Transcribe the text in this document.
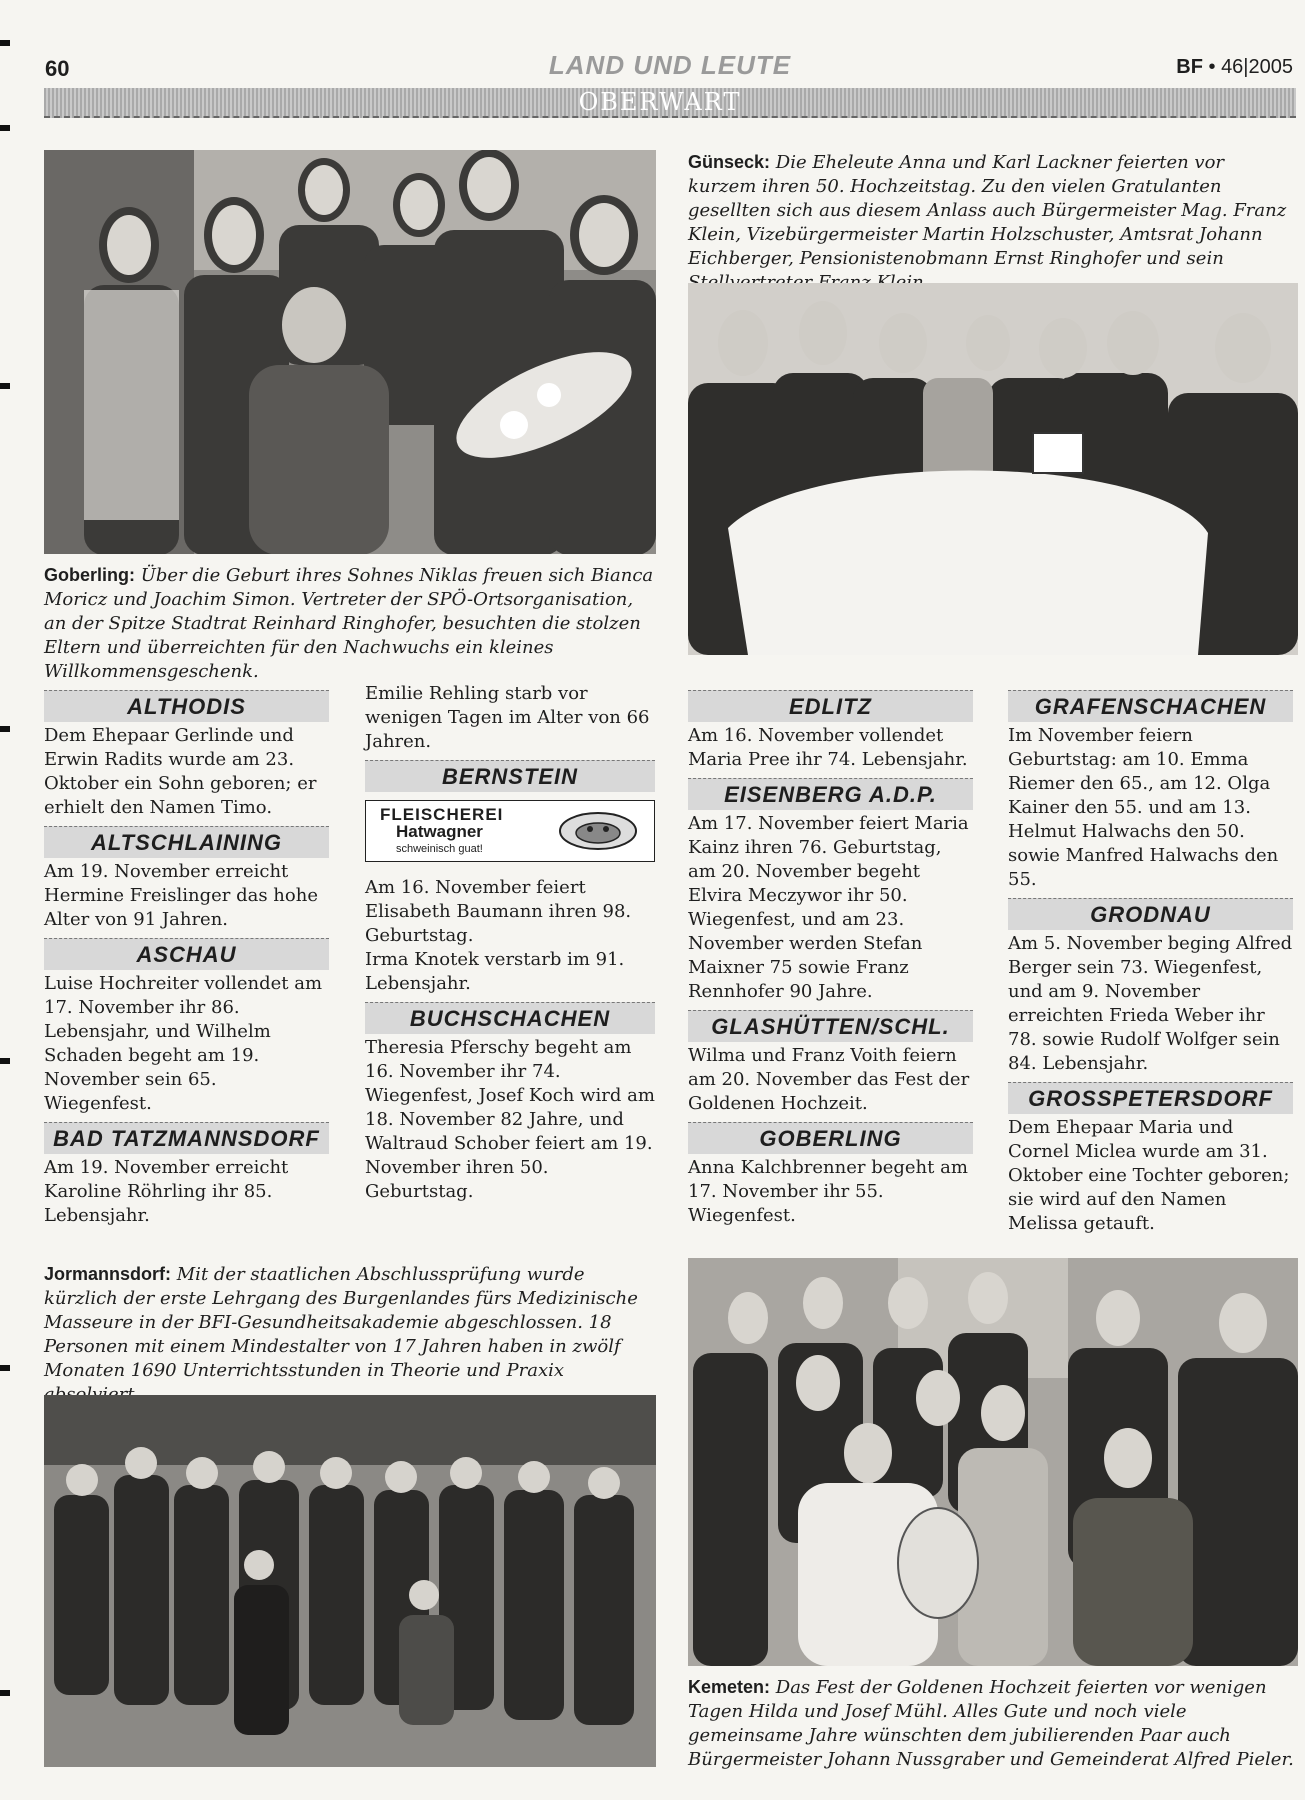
60	LAND UND LEUTE	BF • 46|2005
OBERWART

Goberling: Über die Geburt ihres Sohnes Niklas freuen sich Bianca Moricz und Joachim Simon. Vertreter der SPÖ-Ortsorganisation, an der Spitze Stadtrat Reinhard Ringhofer, besuchten die stolzen Eltern und überreichten für den Nachwuchs ein kleines Willkommensgeschenk.

Günseck: Die Eheleute Anna und Karl Lackner feierten vor kurzem ihren 50. Hochzeitstag. Zu den vielen Gratulanten gesellten sich aus diesem Anlass auch Bürgermeister Mag. Franz Klein, Vizebürgermeister Martin Holzschuster, Amtsrat Johann Eichberger, Pensionistenobmann Ernst Ringhofer und sein

ALTHODIS

Dem Ehepaar Gerlinde und Erwin Radits wurde am 23. Oktober ein Sohn geboren; er erhielt den Namen Timo.

ALTSCHLAINING

Am 19. November erreicht Hermine Freislinger das hohe Alter von 91 Jahren.

ASCHAU

Luise Hochreiter vollendet am 17. November ihr 86. Lebensjahr, und Wilhelm Schaden begeht am 19. November sein 65. Wiegenfest.

BAD TATZMANNSDORF

Am 19. November erreicht Karoline Röhrling ihr 85. Lebensjahr.

Emilie Rehling starb vor wenigen Tagen im Alter von 66 Jahren.

BERNSTEIN
FLEISCHEREI
Hatwagner
schweinisch guat!

Am 16. November feiert Elisabeth Baumann ihren 98. Geburtstag.

Irma Knotek verstarb im 91. Lebensjahr.

BUCHSCHACHEN

Theresia Pferschy begeht am 16. November ihr 74. Wiegenfest, Josef Koch wird am 18. November 82 Jahre, und Waltraud Schober feiert am 19. November ihren 50. Geburtstag.

EDLITZ

Am 16. November vollendet Maria Pree ihr 74. Lebensjahr.

EISENBERG A.D.P.

Am 17. November feiert Maria Kainz ihren 76. Geburtstag, am 20. November begeht Elvira Meczywor ihr 50. Wiegenfest, und am 23. November werden Stefan Maixner 75 sowie Franz Rennhofer 90 Jahre.

GLASHÜTTEN/SCHL.

Wilma und Franz Voith feiern am 20. November das Fest der Goldenen Hochzeit.

GOBERLING

Anna Kalchbrenner begeht am 17. November ihr 55. Wiegenfest.

GRAFENSCHACHEN

Im November feiern Geburtstag: am 10. Emma Riemer den 65., am 12. Olga Kainer den 55. und am 13. Helmut Halwachs den 50. sowie Manfred Halwachs den 55.

GRODNAU

Am 5. November beging Alfred Berger sein 73. Wiegenfest, und am 9. November erreichten Frieda Weber ihr 78. sowie Rudolf Wolfger sein 84. Lebensjahr.

GROSSPETERSDORF

Dem Ehepaar Maria und Cornel Miclea wurde am 31. Oktober eine Tochter geboren; sie wird auf den Namen Melissa getauft.

Jormannsdorf: Mit der staatlichen Abschlussprüfung wurde kürzlich der erste Lehrgang des Burgenlandes fürs Medizinische Masseure in der BFI-Gesundheitsakademie abgeschlossen. 18 Personen mit einem Mindestalter von 17 Jahren haben in zwölf Monaten 1690 Unterrichtsstunden in Theorie und Praxix

Kemeten: Das Fest der Goldenen Hochzeit feierten vor wenigen Tagen Hilda und Josef Mühl. Alles Gute und noch viele gemeinsame Jahre wünschten dem jubilierenden Paar auch Bürgermeister Johann Nussgraber und Gemeinderat Alfred Pieler.
